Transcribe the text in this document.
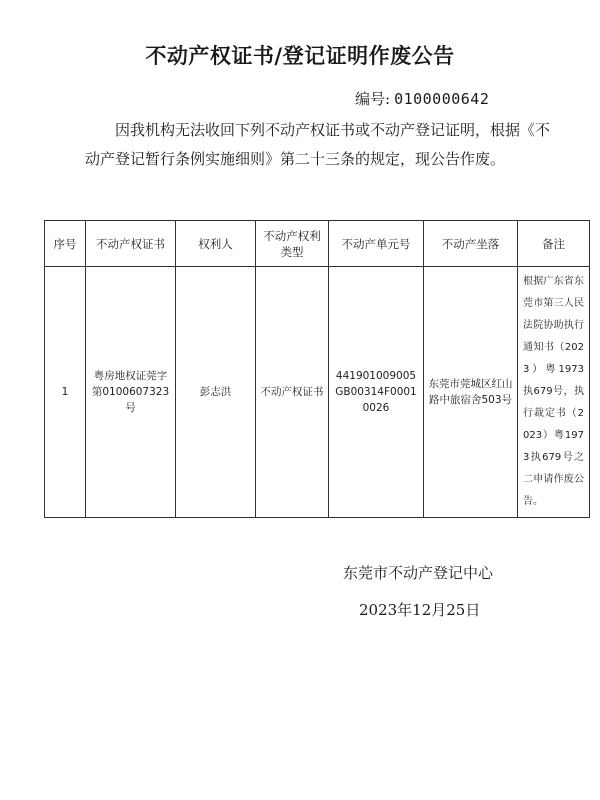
不动产权证书/登记证明作废公告
编号: 0100000642
因我机构无法收回下列不动产权证书或不动产登记证明，根据《不动产登记暂行条例实施细则》第二十三条的规定，现公告作废。
序号	不动产权证书	权利人	不动产权利类型	不动产单元号	不动产坐落	备注
1	粤房地权证莞字第0100607323号	彭志洪	不动产权证书	441901009005GB00314F00010026	东莞市莞城区红山路中旅宿舍503号	根据广东省东莞市第三人民法院协助执行通知书（2023）粤1973执679号，执行裁定书（2023）粤1973执679号之二申请作废公告。
东莞市不动产登记中心
2023年12月25日
